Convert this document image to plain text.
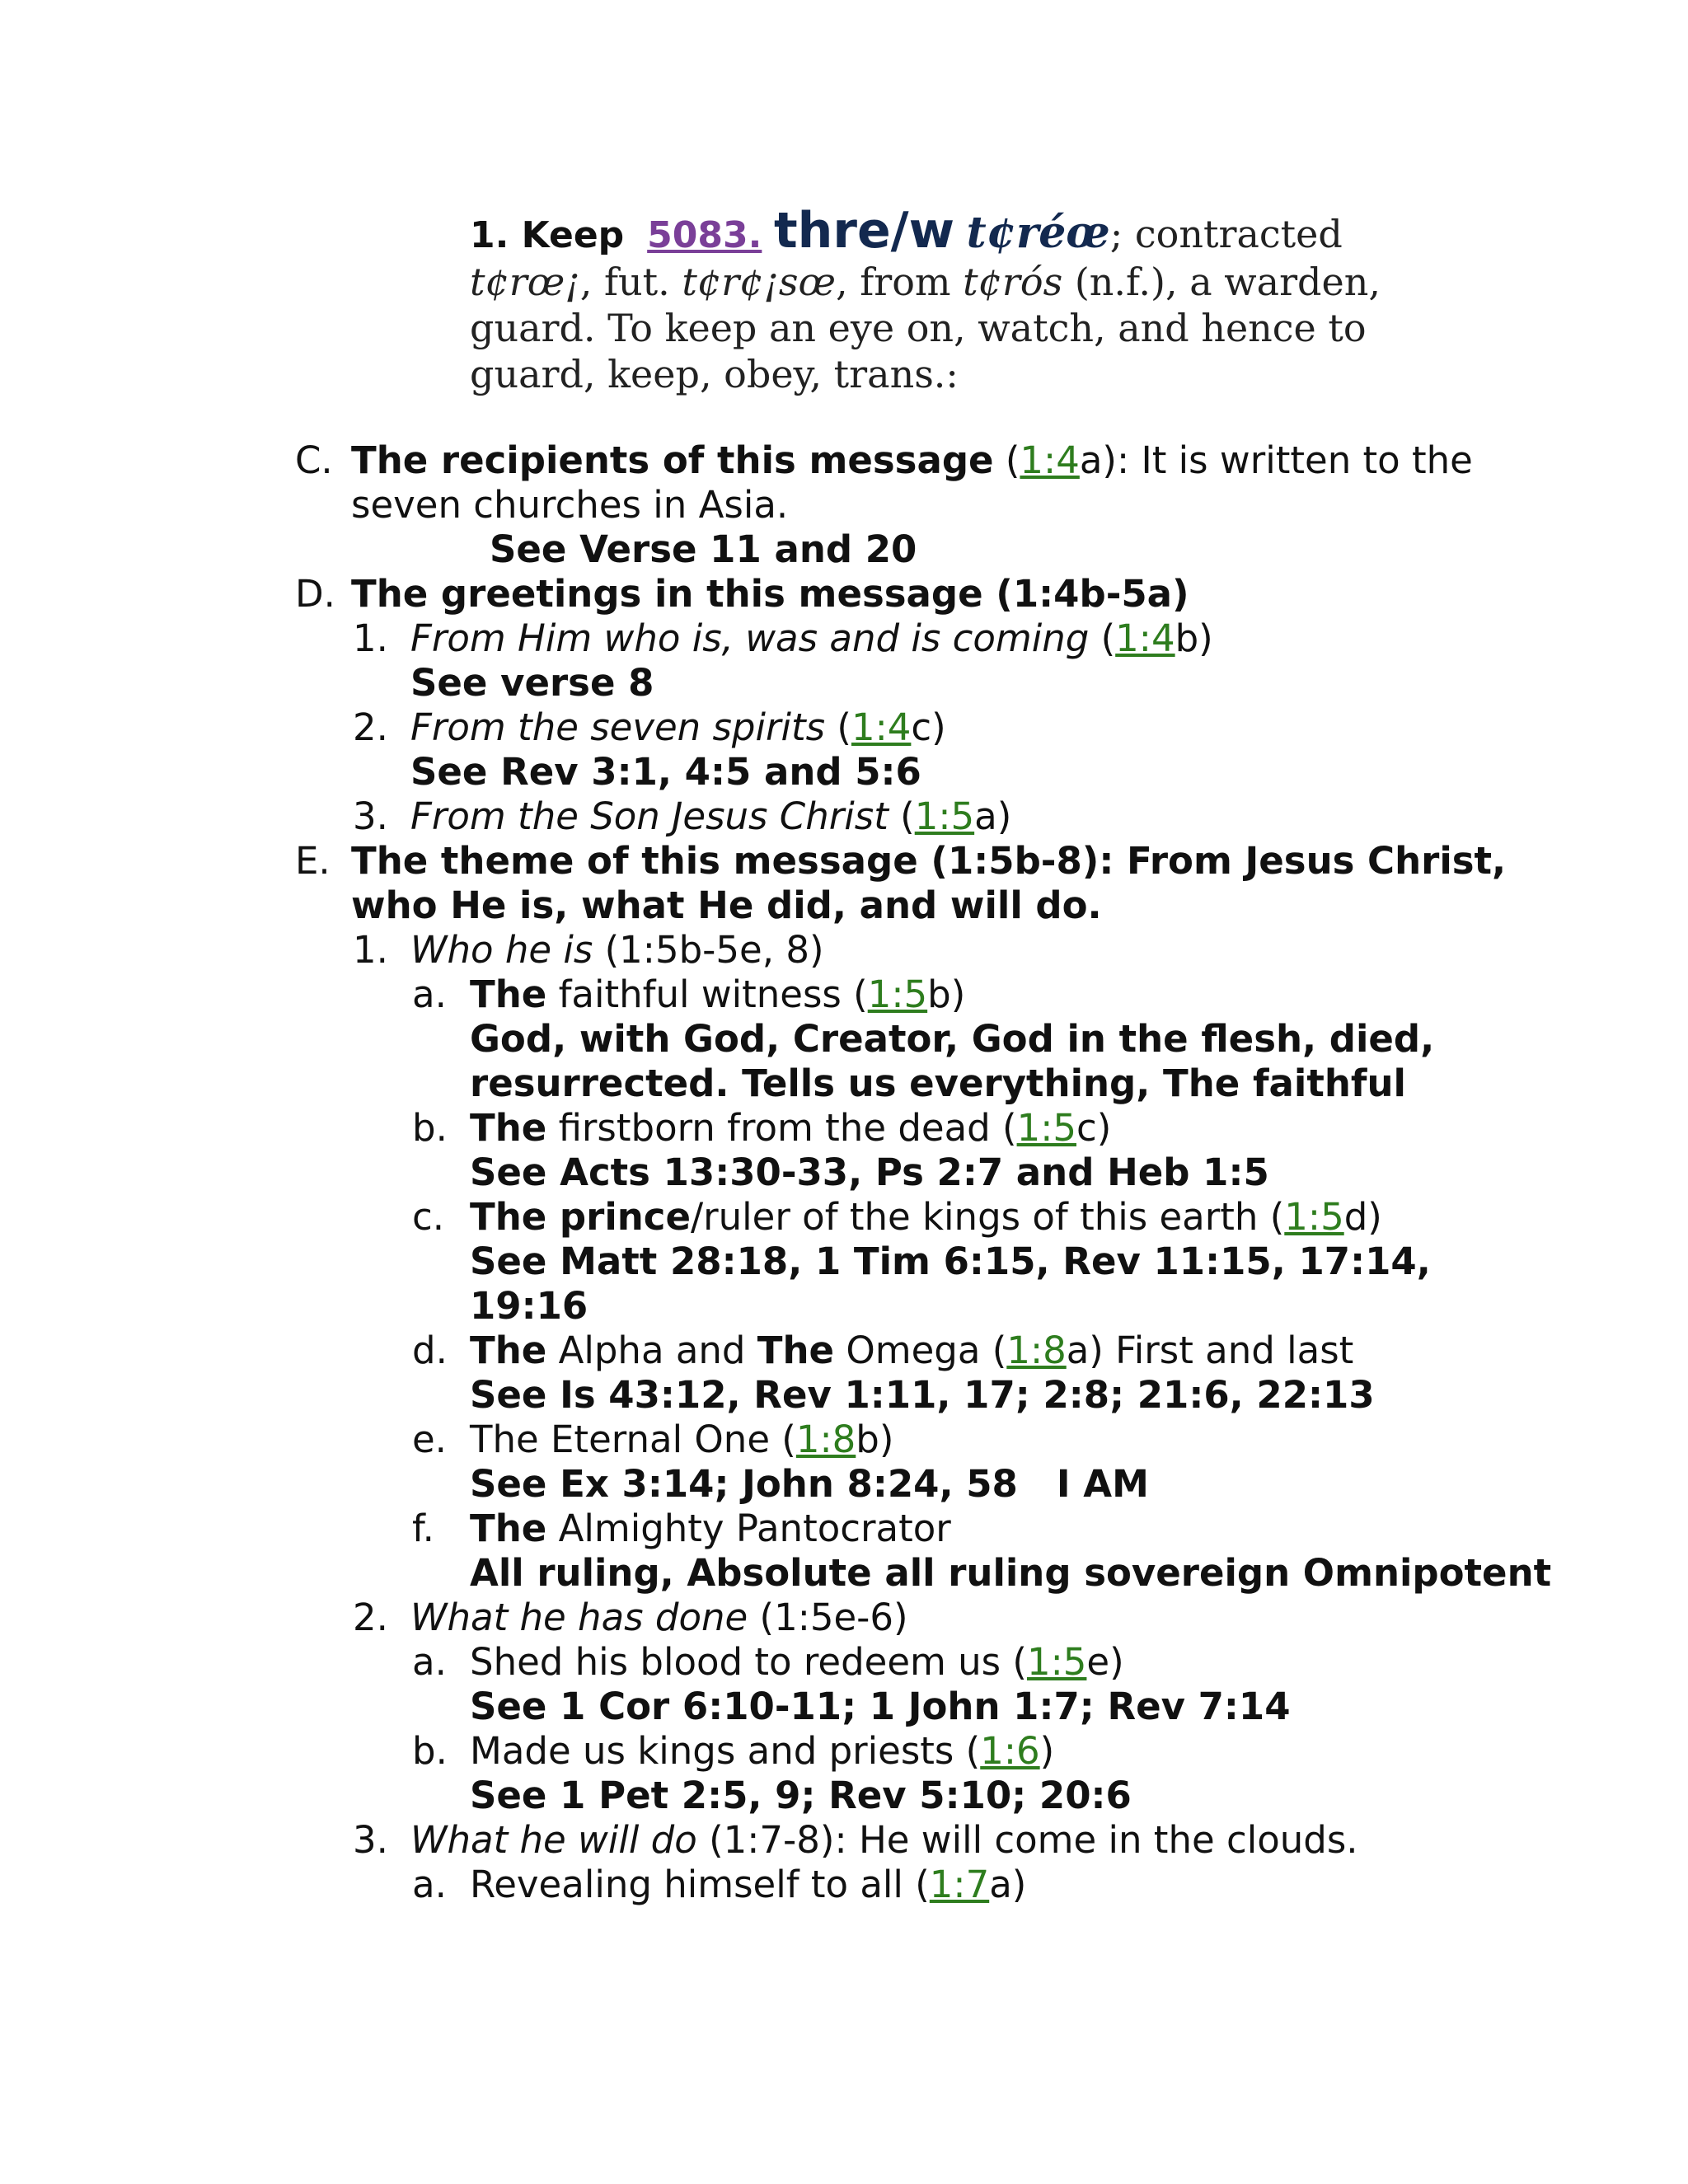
1. Keep 5083. thre/w t¢réœ; contracted t¢rœ¡, fut. t¢r¢¡sœ, from t¢rós (n.f.), a warden, guard. To keep an eye on, watch, and hence to guard, keep, obey, trans.:
C. The recipients of this message (1:4a): It is written to the
seven churches in Asia.
See Verse 11 and 20
D. The greetings in this message (1:4b-5a)
1. From Him who is, was and is coming (1:4b)
See verse 8
2. From the seven spirits (1:4c)
See Rev 3:1, 4:5 and 5:6
3. From the Son Jesus Christ (1:5a)
E. The theme of this message (1:5b-8): From Jesus Christ,
who He is, what He did, and will do.
1. Who he is (1:5b-5e, 8)
a. The faithful witness (1:5b)
God, with God, Creator, God in the flesh, died,
resurrected. Tells us everything, The faithful
b. The firstborn from the dead (1:5c)
See Acts 13:30-33, Ps 2:7 and Heb 1:5
c. The prince/ruler of the kings of this earth (1:5d)
See Matt 28:18, 1 Tim 6:15, Rev 11:15, 17:14,
19:16
d. The Alpha and The Omega (1:8a) First and last
See Is 43:12, Rev 1:11, 17; 2:8; 21:6, 22:13
e. The Eternal One (1:8b)
See Ex 3:14; John 8:24, 58   I AM
f. The Almighty Pantocrator
All ruling, Absolute all ruling sovereign Omnipotent
2. What he has done (1:5e-6)
a. Shed his blood to redeem us (1:5e)
See 1 Cor 6:10-11; 1 John 1:7; Rev 7:14
b. Made us kings and priests (1:6)
See 1 Pet 2:5, 9; Rev 5:10; 20:6
3. What he will do (1:7-8): He will come in the clouds.
a. Revealing himself to all (1:7a)
